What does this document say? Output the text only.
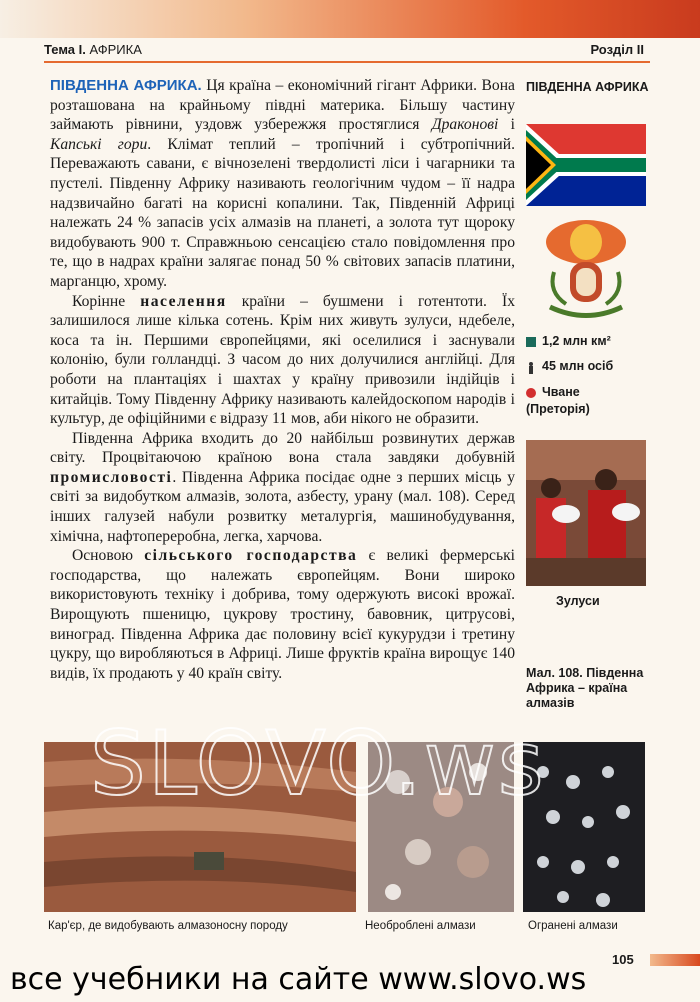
Тема I. АФРИКА	Розділ II

ПІВДЕННА АФРИКА. Ця країна – економічний гігант Африки. Вона розташована на крайньому півдні материка. Більшу частину займають рівнини, уздовж узбережжя простяглися Драконові і Капські гори. Клімат теплий – тропічний і субтропічний. Переважають савани, є вічнозелені твердолисті ліси і чагарники та пустелі. Південну Африку називають геологічним чудом – її надра надзвичайно багаті на корисні копалини. Так, Південній Африці належать 24 % запасів усіх алмазів на планеті, а золота тут щороку видобувають 900 т. Справжньою сенсацією стало повідомлення про те, що в надрах країни залягає понад 50 % світових запасів платини, марганцю, хрому.

Корінне населення країни – бушмени і готентоти. Їх залишилося лише кілька сотень. Крім них живуть зулуси, ндебеле, коса та ін. Першими європейцями, які оселилися і заснували колонію, були голландці. З часом до них долучилися англійці. Для роботи на плантаціях і шахтах у країну привозили індійців і китайців. Тому Південну Африку називають калейдоскопом народів і культур, де офіційними є відразу 11 мов, аби нікого не образити.

Південна Африка входить до 20 найбільш розвинутих держав світу. Процвітаючою країною вона стала завдяки добувній промисловості. Південна Африка посідає одне з перших місць у світі за видобутком алмазів, золота, азбесту, урану (мал. 108). Серед інших галузей набули розвитку металургія, машинобудування, хімічна, нафтопереробна, легка, харчова.

Основою сільського господарства є великі фермерські господарства, що належать європейцям. Вони широко використовують техніку і добрива, тому одержують високі врожаї. Вирощують пшеницю, цукрову тростину, бавовник, цитрусові, виноград. Південна Африка дає половину всієї кукурудзи і третину цукру, що виробляються в Африці. Лише фруктів країна вирощує 140 видів, їх продають у 40 країн світу.

ПІВДЕННА АФРИКА
1,2 млн км²
45 млн осіб
Чване (Преторія)
Зулуси
Мал. 108. Південна Африка – країна алмазів
SLOVO.ws
Кар'єр, де видобувають алмазоносну породу	Необроблені алмази	Огранені алмази
105
все учебники на сайте www.slovo.ws
